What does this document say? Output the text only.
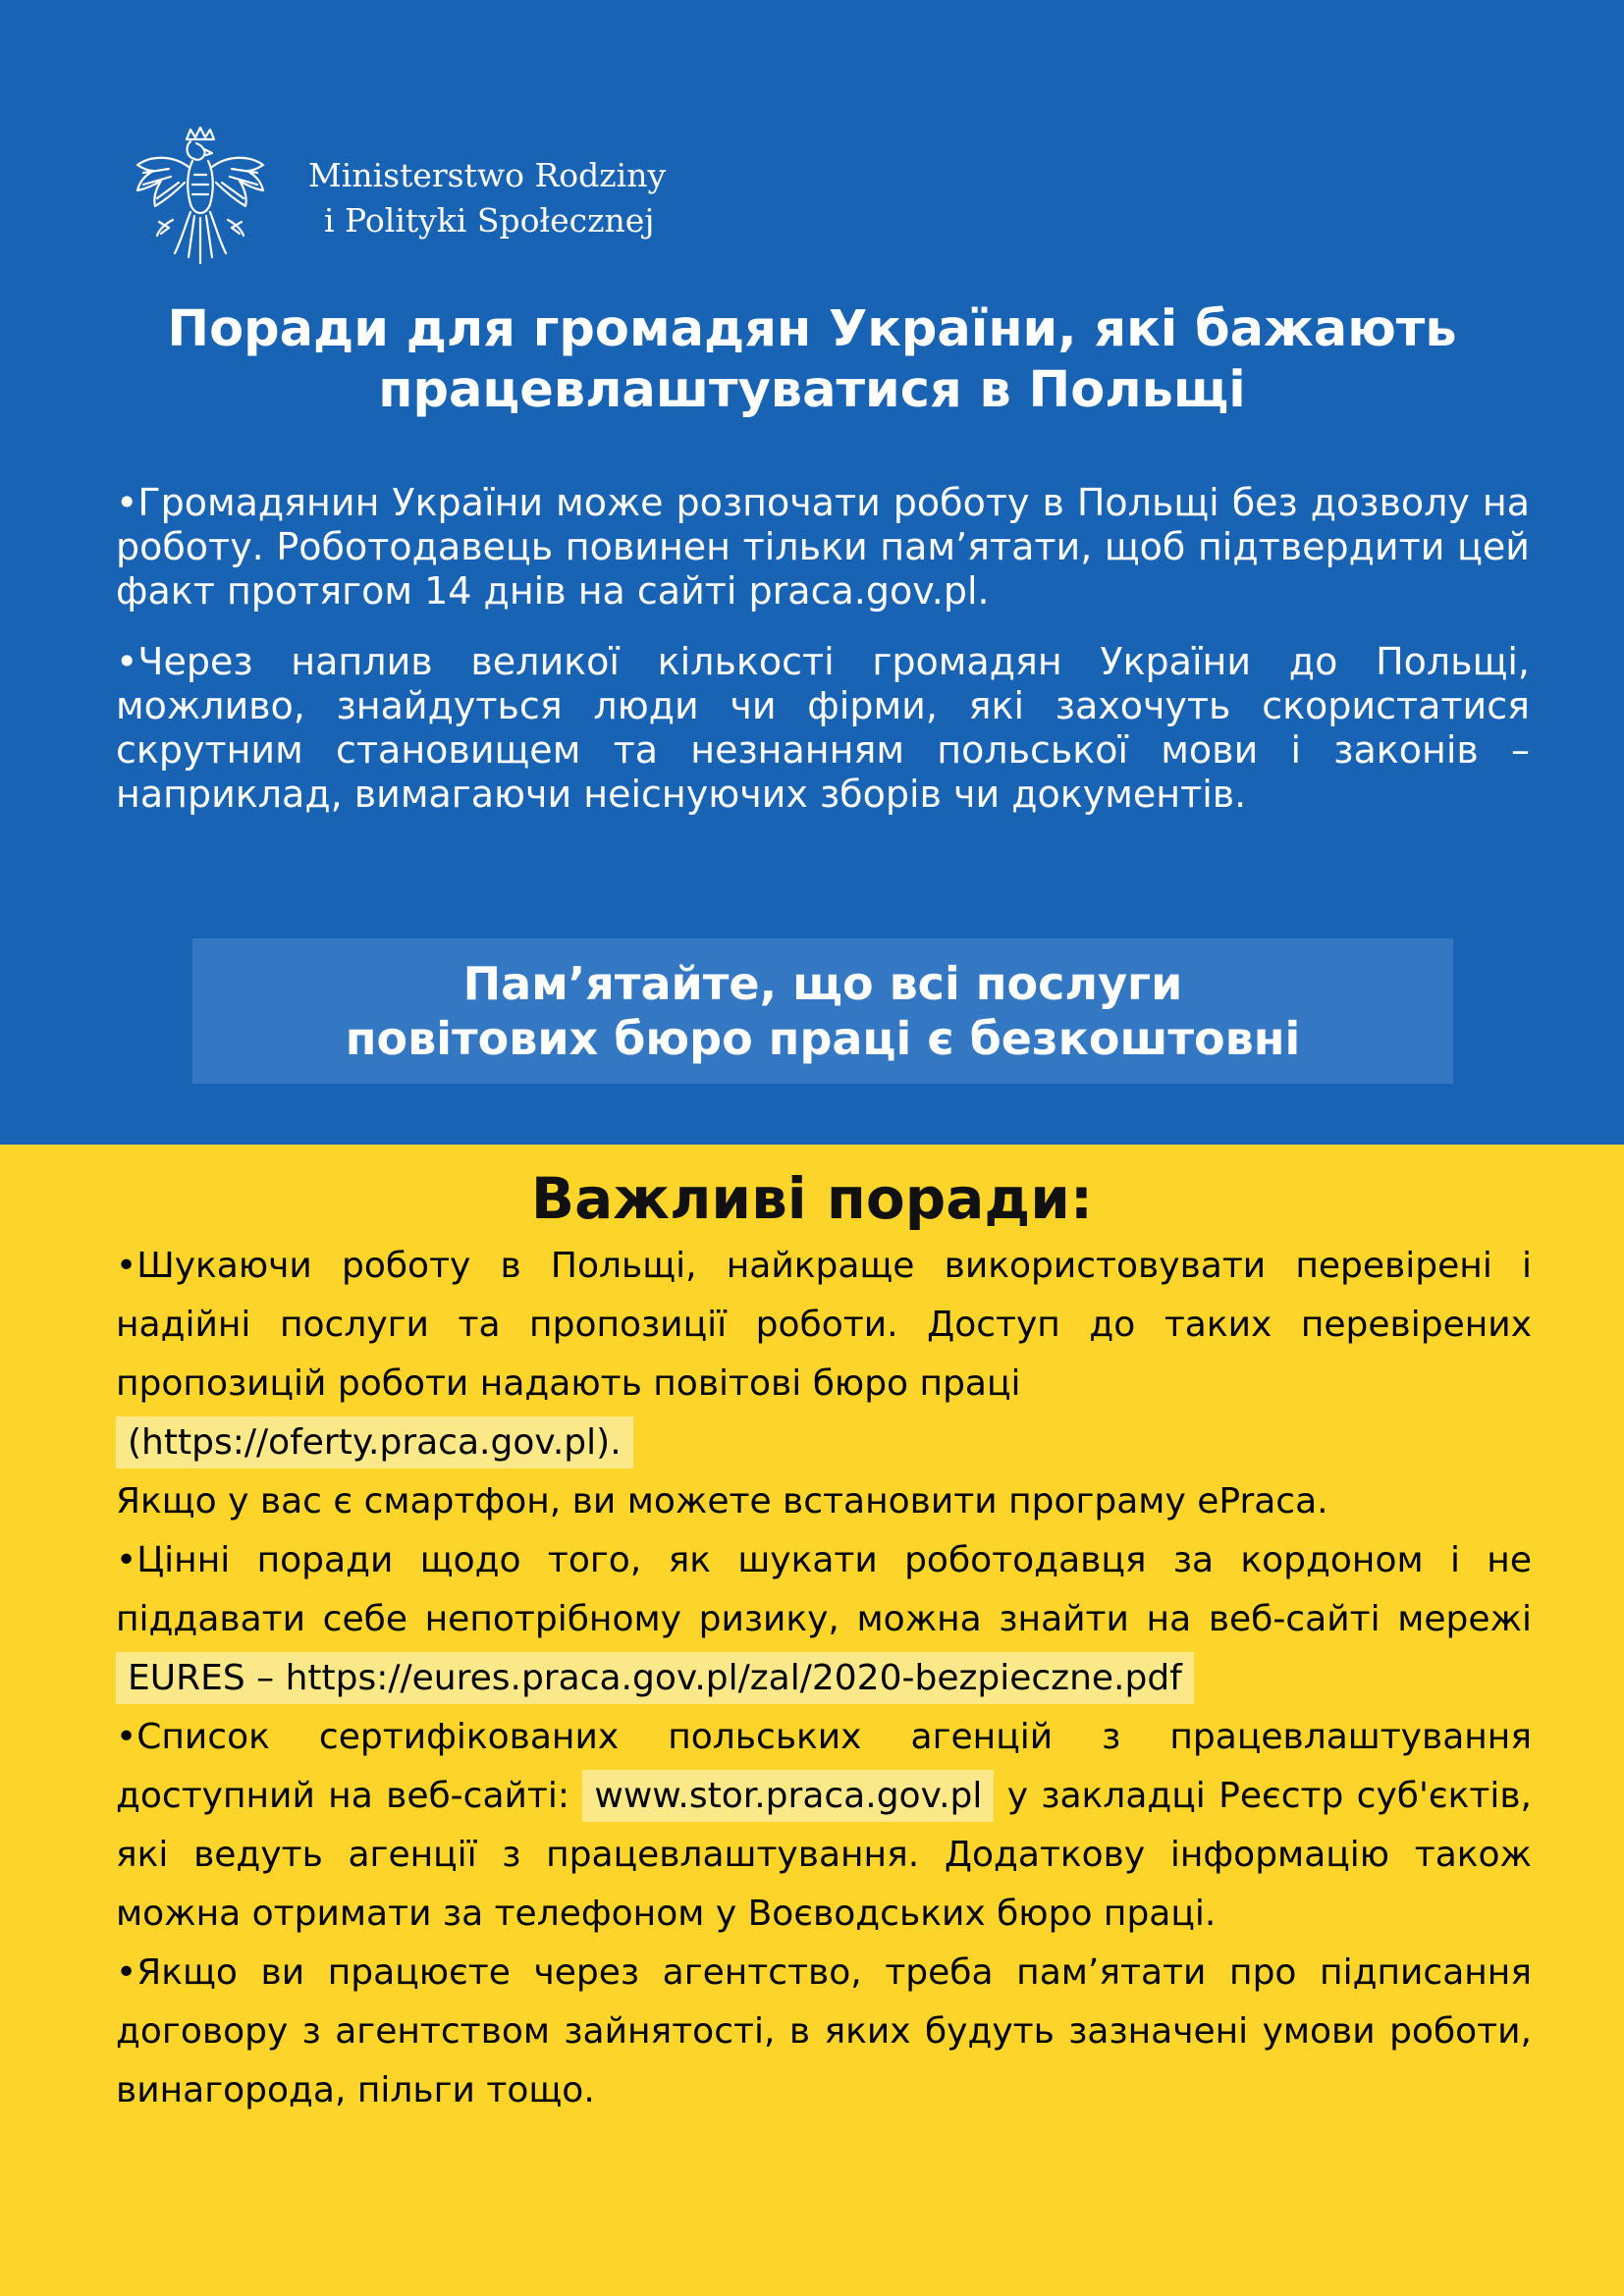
Ministerstwo Rodziny
i Polityki Społecznej
Поради для громадян України, які бажають
працевлаштуватися в Польщі
•Громадянин України може розпочати роботу в Польщі без дозволу на роботу. Роботодавець повинен тільки пам’ятати, щоб підтвердити цей факт протягом 14 днів на сайті praca.gov.pl.
•Через наплив великої кількості громадян України до Польщі, можливо, знайдуться люди чи фірми, які захочуть скористатися скрутним становищем та незнанням польської мови і законів – наприклад, вимагаючи неіснуючих зборів чи документів.
Пам’ятайте, що всі послуги
повітових бюро праці є безкоштовні
Важливі поради:
•Шукаючи роботу в Польщі, найкраще використовувати перевірені і надійні послуги та пропозиції роботи. Доступ до таких перевірених пропозицій роботи надають повітові бюро праці
(https://oferty.praca.gov.pl).
Якщо у вас є смартфон, ви можете встановити програму ePraca.
•Цінні поради щодо того, як шукати роботодавця за кордоном і не піддавати себе непотрібному ризику, можна знайти на веб-сайті мережі EURES – https://eures.praca.gov.pl/zal/2020-bezpieczne.pdf
•Список сертифікованих польських агенцій з працевлаштування доступний на веб-сайті: www.stor.praca.gov.pl у закладці Реєстр суб'єктів, які ведуть агенції з працевлаштування. Додаткову інформацію також можна отримати за телефоном у Воєводських бюро праці.
•Якщо ви працюєте через агентство, треба пам’ятати про підписання договору з агентством зайнятості, в яких будуть зазначені умови роботи, винагорода, пільги тощо.
